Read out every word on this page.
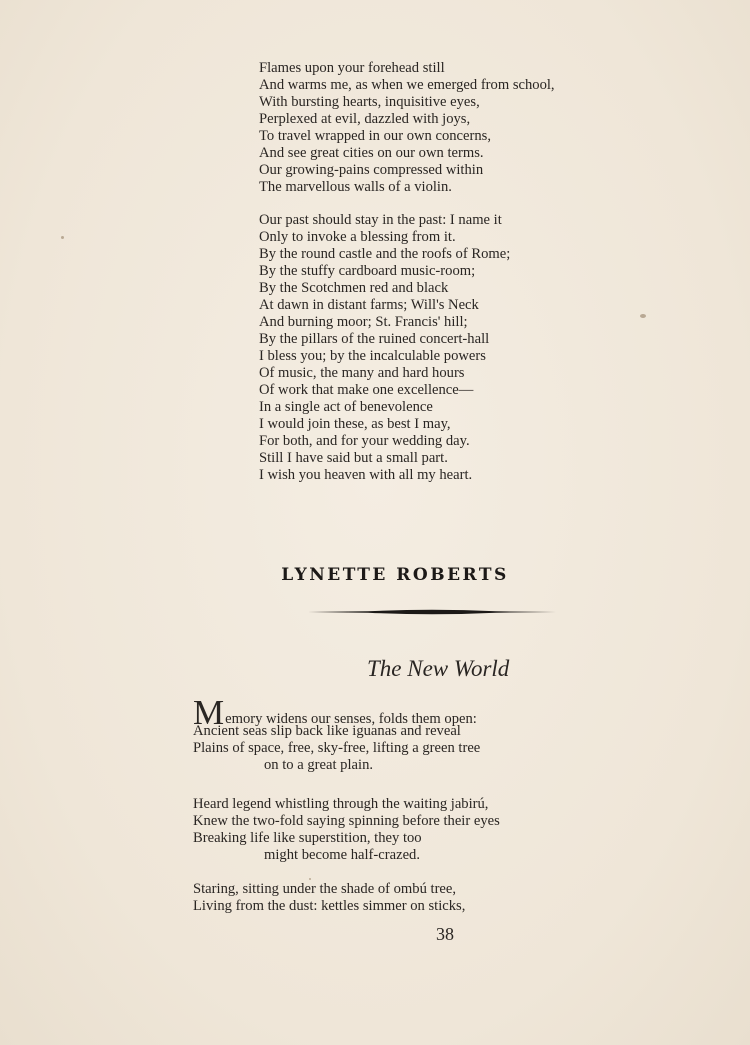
Flames upon your forehead still
And warms me, as when we emerged from school,
With bursting hearts, inquisitive eyes,
Perplexed at evil, dazzled with joys,
To travel wrapped in our own concerns,
And see great cities on our own terms.
Our growing-pains compressed within
The marvellous walls of a violin.
Our past should stay in the past: I name it
Only to invoke a blessing from it.
By the round castle and the roofs of Rome;
By the stuffy cardboard music-room;
By the Scotchmen red and black
At dawn in distant farms; Will's Neck
And burning moor; St. Francis' hill;
By the pillars of the ruined concert-hall
I bless you; by the incalculable powers
Of music, the many and hard hours
Of work that make one excellence—
In a single act of benevolence
I would join these, as best I may,
For both, and for your wedding day.
Still I have said but a small part.
I wish you heaven with all my heart.
LYNETTE ROBERTS
The New World
Memory widens our senses, folds them open:
Ancient seas slip back like iguanas and reveal
Plains of space, free, sky-free, lifting a green tree
on to a great plain.
Heard legend whistling through the waiting jabirú,
Knew the two-fold saying spinning before their eyes
Breaking life like superstition, they too
might become half-crazed.
Staring, sitting under the shade of ombú tree,
Living from the dust: kettles simmer on sticks,
38
